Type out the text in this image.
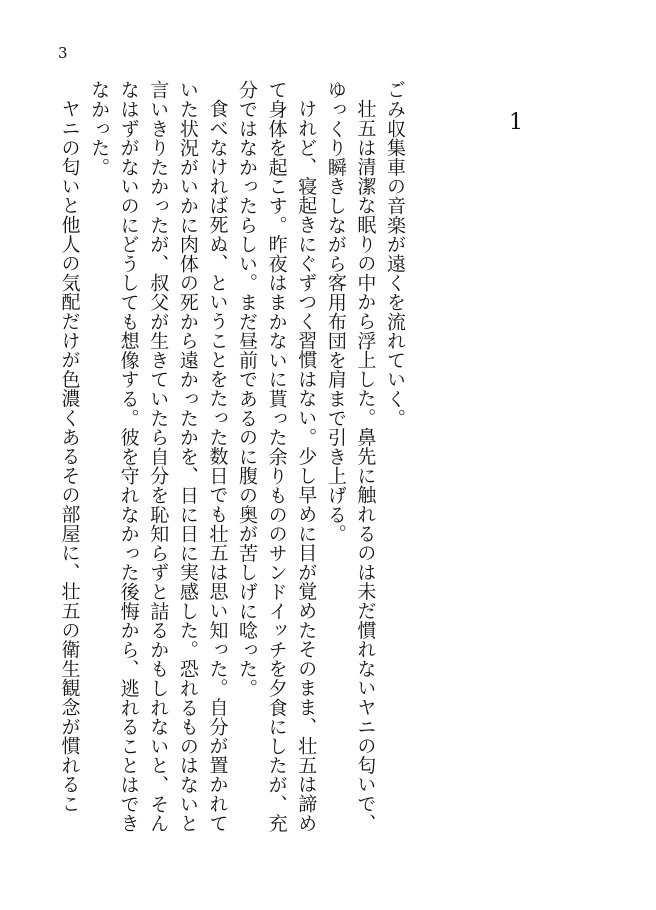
3
1

ごみ収集車の音楽が遠くを流れていく。

壮五は清潔な眠りの中から浮上した。鼻先に触れるのは未だ慣れないヤニの匂いで、ゆっくり瞬きしながら客用布団を肩まで引き上げる。

けれど、寝起きにぐずつく習慣はない。少し早めに目が覚めたそのまま、壮五は諦めて身体を起こす。昨夜はまかないに貰った余りもののサンドイッチを夕食にしたが、充分ではなかったらしい。まだ昼前であるのに腹の奥が苦しげに唸った。

食べなければ死ぬ、ということをたった数日でも壮五は思い知った。自分が置かれていた状況がいかに肉体の死から遠かったかを、日に日に実感した。恐れるものはないと言いきりたかったが、叔父が生きていたら自分を恥知らずと詰るかもしれないと、そんなはずがないのにどうしても想像する。彼を守れなかった後悔から、逃れることはできなかった。

ヤニの匂いと他人の気配だけが色濃くあるその部屋に、壮五の衛生観念が慣れるこ
